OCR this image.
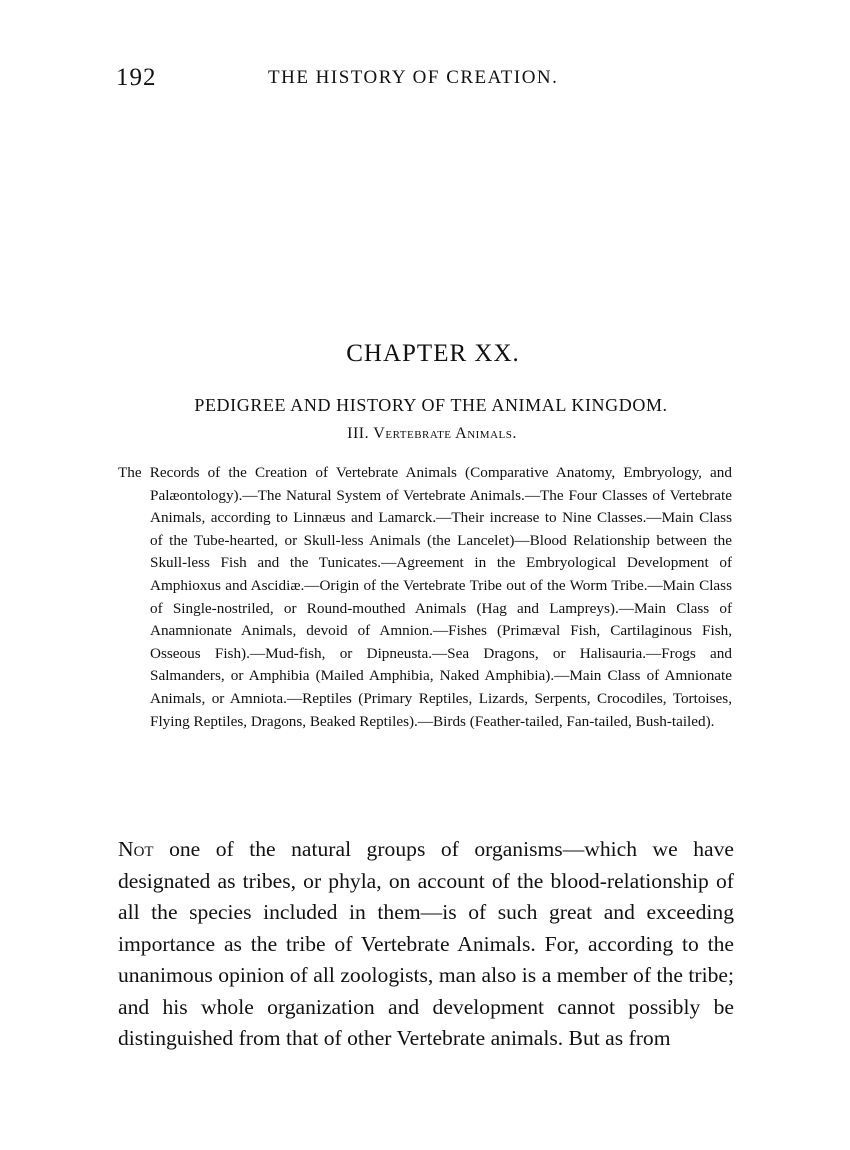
192	THE HISTORY OF CREATION.
CHAPTER XX.
PEDIGREE AND HISTORY OF THE ANIMAL KINGDOM.
III. Vertebrate Animals.

The Records of the Creation of Vertebrate Animals (Comparative Anatomy, Embryology, and Palæontology).—The Natural System of Vertebrate Animals.—The Four Classes of Vertebrate Animals, according to Linnæus and Lamarck.—Their increase to Nine Classes.—Main Class of the Tube-hearted, or Skull-less Animals (the Lancelet)—Blood Relationship between the Skull-less Fish and the Tunicates.—Agreement in the Embryological Development of Amphioxus and Ascidiæ.—Origin of the Vertebrate Tribe out of the Worm Tribe.—Main Class of Single-nostriled, or Round-mouthed Animals (Hag and Lampreys).—Main Class of Anamnionate Animals, devoid of Amnion.—Fishes (Primæval Fish, Cartilaginous Fish, Osseous Fish).—Mud-fish, or Dipneusta.—Sea Dragons, or Halisauria.—Frogs and Salmanders, or Amphibia (Mailed Amphibia, Naked Amphibia).—Main Class of Amnionate Animals, or Amniota.—Reptiles (Primary Reptiles, Lizards, Serpents, Crocodiles, Tortoises, Flying Reptiles, Dragons, Beaked Reptiles).—Birds (Feather-tailed, Fan-tailed, Bush-tailed).

Not one of the natural groups of organisms—which we have designated as tribes, or phyla, on account of the blood-relationship of all the species included in them—is of such great and exceeding importance as the tribe of Vertebrate Animals. For, according to the unanimous opinion of all zoologists, man also is a member of the tribe; and his whole organization and development cannot possibly be distinguished from that of other Vertebrate animals. But as from
